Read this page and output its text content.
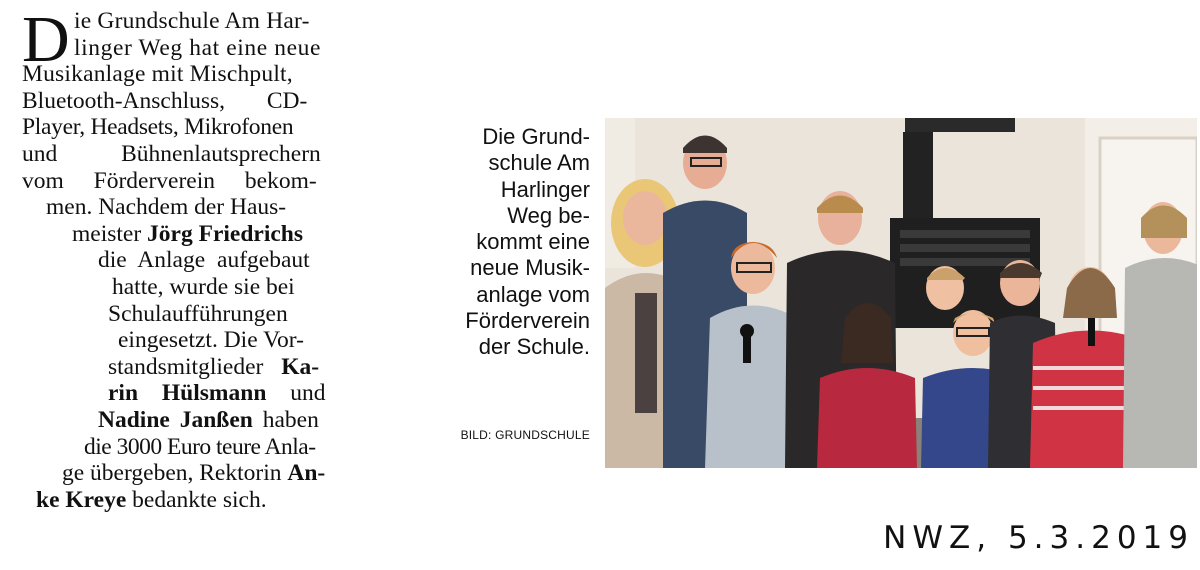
D ie Grundschule Am Har-
linger Weg hat eine neue
Musikanlage mit Mischpult,
Bluetooth-Anschluss, CD-
Player, Headsets, Mikrofonen
und Bühnenlautsprechern
vom Förderverein bekom-
men. Nachdem der Haus-
meister Jörg Friedrichs
die Anlage aufgebaut
hatte, wurde sie bei
Schulaufführungen
eingesetzt. Die Vor-
standsmitglieder Ka-
rin Hülsmann und
Nadine Janßen haben
die 3000 Euro teure Anla-
ge übergeben, Rektorin An-
ke Kreye bedankte sich.
Die Grund-
schule Am
Harlinger
Weg be-
kommt eine
neue Musik-
anlage vom
Förderverein
der Schule.
BILD: GRUNDSCHULE
NWZ, 5.3.2019
